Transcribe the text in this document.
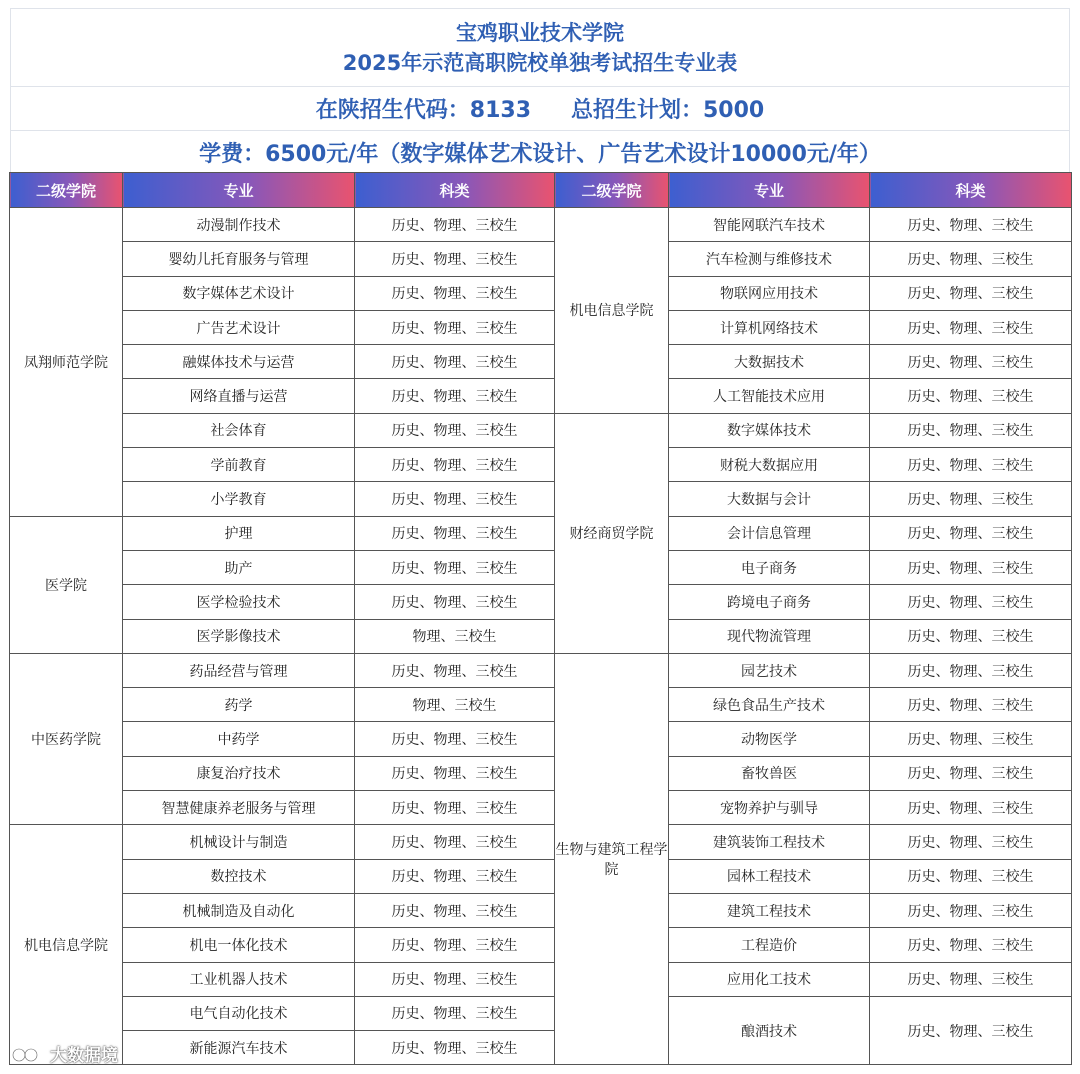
宝鸡职业技术学院
2025年示范高职院校单独考试招生专业表
在陕招生代码：8133 总招生计划：5000
学费：6500元/年（数字媒体艺术设计、广告艺术设计10000元/年）
二级学院	专业	科类	二级学院	专业	科类
凤翔师范学院	动漫制作技术	历史、物理、三校生	机电信息学院	智能网联汽车技术	历史、物理、三校生
	婴幼儿托育服务与管理	历史、物理、三校生		汽车检测与维修技术	历史、物理、三校生
	数字媒体艺术设计	历史、物理、三校生		物联网应用技术	历史、物理、三校生
	广告艺术设计	历史、物理、三校生		计算机网络技术	历史、物理、三校生
	融媒体技术与运营	历史、物理、三校生		大数据技术	历史、物理、三校生
	网络直播与运营	历史、物理、三校生		人工智能技术应用	历史、物理、三校生
	社会体育	历史、物理、三校生	财经商贸学院	数字媒体技术	历史、物理、三校生
	学前教育	历史、物理、三校生		财税大数据应用	历史、物理、三校生
	小学教育	历史、物理、三校生		大数据与会计	历史、物理、三校生
医学院	护理	历史、物理、三校生		会计信息管理	历史、物理、三校生
	助产	历史、物理、三校生		电子商务	历史、物理、三校生
	医学检验技术	历史、物理、三校生		跨境电子商务	历史、物理、三校生
	医学影像技术	物理、三校生		现代物流管理	历史、物理、三校生
中医药学院	药品经营与管理	历史、物理、三校生	生物与建筑工程学院	园艺技术	历史、物理、三校生
	药学	物理、三校生		绿色食品生产技术	历史、物理、三校生
	中药学	历史、物理、三校生		动物医学	历史、物理、三校生
	康复治疗技术	历史、物理、三校生		畜牧兽医	历史、物理、三校生
	智慧健康养老服务与管理	历史、物理、三校生		宠物养护与驯导	历史、物理、三校生
机电信息学院	机械设计与制造	历史、物理、三校生		建筑装饰工程技术	历史、物理、三校生
	数控技术	历史、物理、三校生		园林工程技术	历史、物理、三校生
	机械制造及自动化	历史、物理、三校生		建筑工程技术	历史、物理、三校生
	机电一体化技术	历史、物理、三校生		工程造价	历史、物理、三校生
	工业机器人技术	历史、物理、三校生		应用化工技术	历史、物理、三校生
	电气自动化技术	历史、物理、三校生		酿酒技术	历史、物理、三校生
	新能源汽车技术	历史、物理、三校生			
大数据境
